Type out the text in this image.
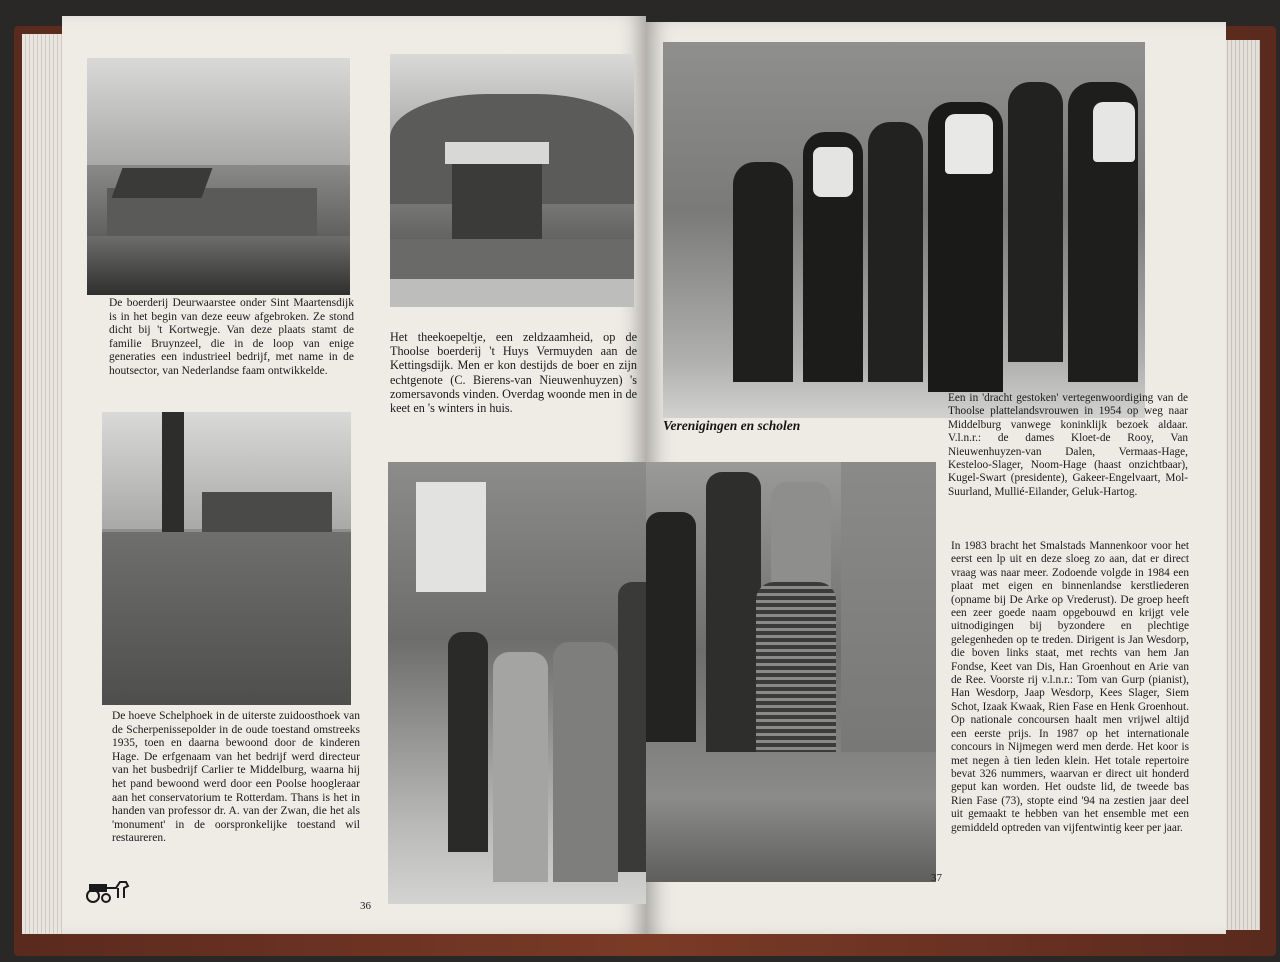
De boerderij Deurwaarstee onder Sint Maartensdijk is in het begin van deze eeuw afgebroken. Ze stond dicht bij 't Kortwegje. Van deze plaats stamt de familie Bruynzeel, die in de loop van enige generaties een industrieel bedrijf, met name in de houtsector, van Nederlandse faam ontwikkelde.

Het theekoepeltje, een zeldzaamheid, op de Thoolse boerderij 't Huys Vermuyden aan de Kettingsdijk. Men er kon destijds de boer en zijn echtgenote (C. Bierens-van Nieuwenhuyzen) 's zomersavonds vinden. Overdag woonde men in de keet en 's winters in huis.

De hoeve Schelphoek in de uiterste zuidoosthoek van de Scherpenissepolder in de oude toestand omstreeks 1935, toen en daarna bewoond door de kinderen Hage. De erfgenaam van het bedrijf werd directeur van het busbedrijf Carlier te Middelburg, waarna hij het pand bewoond werd door een Poolse hoogleraar aan het conservatorium te Rotterdam. Thans is het in handen van professor dr. A. van der Zwan, die het als 'monument' in de oorspronkelijke toestand wil restaureren.

36

Een in 'dracht gestoken' vertegenwoordiging van de Thoolse plattelandsvrouwen in 1954 op weg naar Middelburg vanwege koninklijk bezoek aldaar. V.l.n.r.: de dames Kloet-de Rooy, Van Nieuwenhuyzen-van Dalen, Vermaas-Hage, Kesteloo-Slager, Noom-Hage (haast onzichtbaar), Kugel-Swart (presidente), Gakeer-Engelvaart, Mol-Suurland, Mullié-Eilander, Geluk-Hartog.

Verenigingen en scholen

In 1983 bracht het Smalstads Mannenkoor voor het eerst een lp uit en deze sloeg zo aan, dat er direct vraag was naar meer. Zodoende volgde in 1984 een plaat met eigen en binnenlandse kerstliederen (opname bij De Arke op Vrederust). De groep heeft een zeer goede naam opgebouwd en krijgt vele uitnodigingen bij byzondere en plechtige gelegenheden op te treden. Dirigent is Jan Wesdorp, die boven links staat, met rechts van hem Jan Fondse, Keet van Dis, Han Groenhout en Arie van de Ree. Voorste rij v.l.n.r.: Tom van Gurp (pianist), Han Wesdorp, Jaap Wesdorp, Kees Slager, Siem Schot, Izaak Kwaak, Rien Fase en Henk Groenhout. Op nationale concoursen haalt men vrijwel altijd een eerste prijs. In 1987 op het internationale concours in Nijmegen werd men derde. Het koor is met negen à tien leden klein. Het totale repertoire bevat 326 nummers, waarvan er direct uit honderd geput kan worden. Het oudste lid, de tweede bas Rien Fase (73), stopte eind '94 na zestien jaar deel uit gemaakt te hebben van het ensemble met een gemiddeld optreden van vijfentwintig keer per jaar.

37
